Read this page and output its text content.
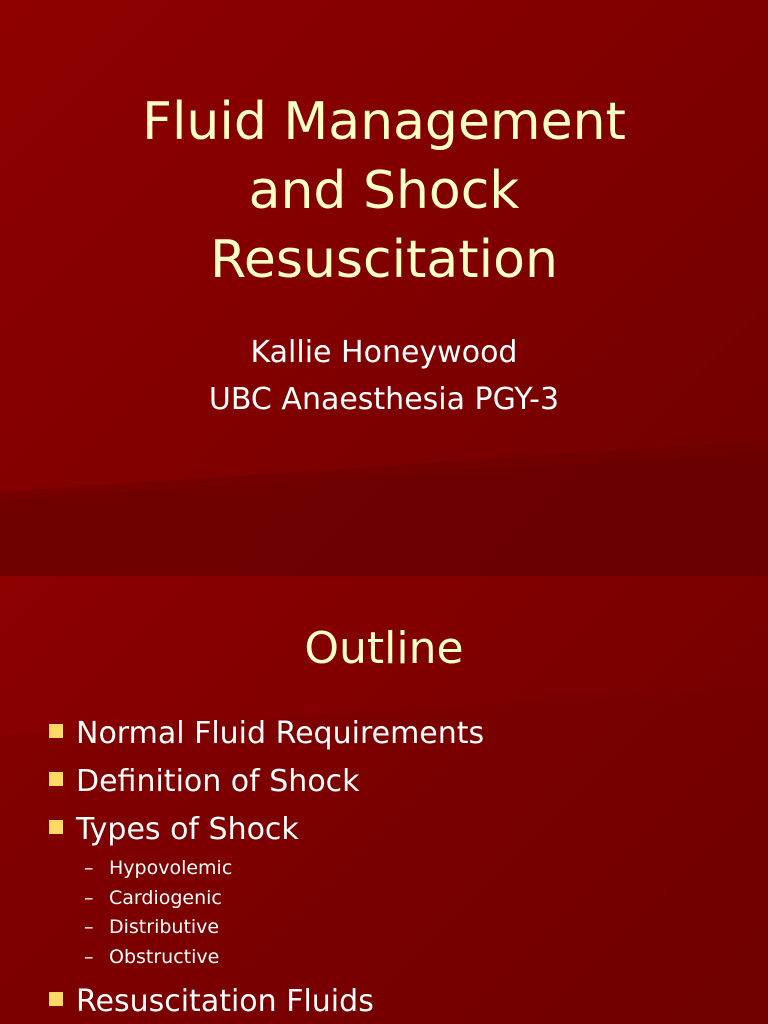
Fluid Management
and Shock
Resuscitation
Kallie Honeywood
UBC Anaesthesia PGY-3
Outline
Normal Fluid Requirements
Definition of Shock
Types of Shock
– Hypovolemic
– Cardiogenic
– Distributive
– Obstructive
Resuscitation Fluids
